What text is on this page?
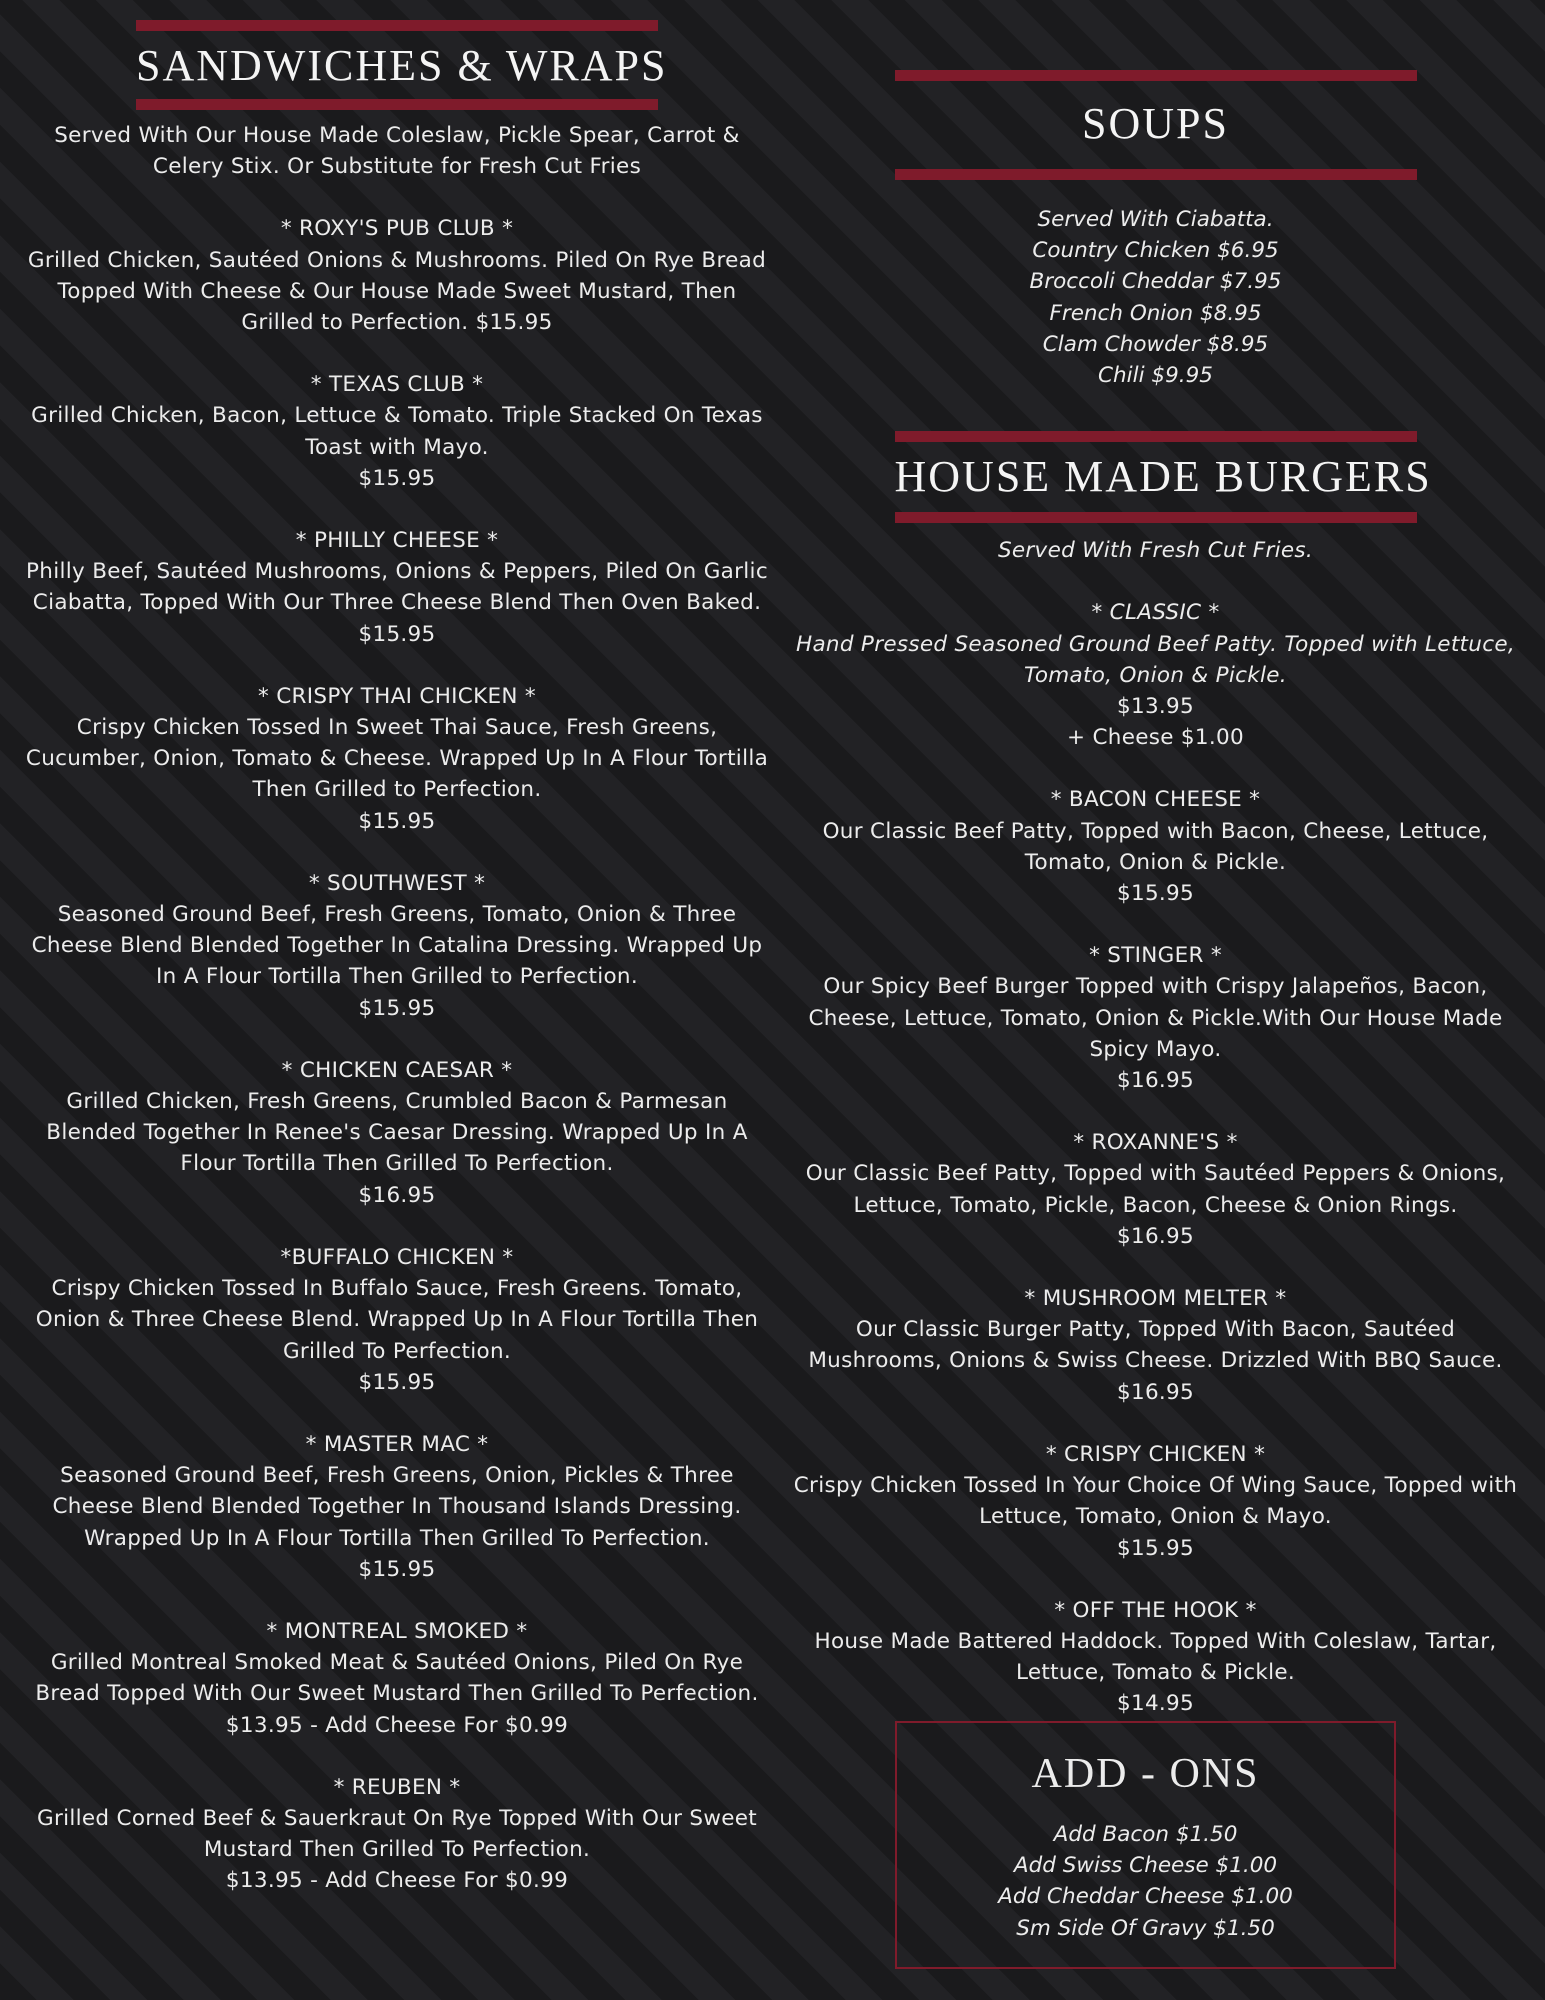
SANDWICHES & WRAPS
Served With Our House Made Coleslaw, Pickle Spear, Carrot & Celery Stix. Or Substitute for Fresh Cut Fries
* ROXY'S PUB CLUB *
Grilled Chicken, Sautéed Onions & Mushrooms. Piled On Rye Bread Topped With Cheese & Our House Made Sweet Mustard, Then Grilled to Perfection. $15.95
* TEXAS CLUB *
Grilled Chicken, Bacon, Lettuce & Tomato. Triple Stacked On Texas Toast with Mayo.
$15.95
* PHILLY CHEESE *
Philly Beef, Sautéed Mushrooms, Onions & Peppers, Piled On Garlic Ciabatta, Topped With Our Three Cheese Blend Then Oven Baked.
$15.95
* CRISPY THAI CHICKEN *
Crispy Chicken Tossed In Sweet Thai Sauce, Fresh Greens, Cucumber, Onion, Tomato & Cheese. Wrapped Up In A Flour Tortilla Then Grilled to Perfection.
$15.95
* SOUTHWEST *
Seasoned Ground Beef, Fresh Greens, Tomato, Onion & Three Cheese Blend Blended Together In Catalina Dressing. Wrapped Up In A Flour Tortilla Then Grilled to Perfection.
$15.95
* CHICKEN CAESAR *
Grilled Chicken, Fresh Greens, Crumbled Bacon & Parmesan Blended Together In Renee's Caesar Dressing. Wrapped Up In A Flour Tortilla Then Grilled To Perfection.
$16.95
*BUFFALO CHICKEN *
Crispy Chicken Tossed In Buffalo Sauce, Fresh Greens. Tomato, Onion & Three Cheese Blend. Wrapped Up In A Flour Tortilla Then Grilled To Perfection.
$15.95
* MASTER MAC *
Seasoned Ground Beef, Fresh Greens, Onion, Pickles & Three Cheese Blend Blended Together In Thousand Islands Dressing. Wrapped Up In A Flour Tortilla Then Grilled To Perfection.
$15.95
* MONTREAL SMOKED *
Grilled Montreal Smoked Meat & Sautéed Onions, Piled On Rye Bread Topped With Our Sweet Mustard Then Grilled To Perfection.
$13.95 - Add Cheese For $0.99
* REUBEN *
Grilled Corned Beef & Sauerkraut On Rye Topped With Our Sweet Mustard Then Grilled To Perfection.
$13.95 - Add Cheese For $0.99
SOUPS
Served With Ciabatta.
Country Chicken $6.95
Broccoli Cheddar $7.95
French Onion $8.95
Clam Chowder $8.95
Chili $9.95
HOUSE MADE BURGERS
Served With Fresh Cut Fries.
* CLASSIC *
Hand Pressed Seasoned Ground Beef Patty. Topped with Lettuce, Tomato, Onion & Pickle.
$13.95
+ Cheese $1.00
* BACON CHEESE *
Our Classic Beef Patty, Topped with Bacon, Cheese, Lettuce, Tomato, Onion & Pickle.
$15.95
* STINGER *
Our Spicy Beef Burger Topped with Crispy Jalapeños, Bacon, Cheese, Lettuce, Tomato, Onion & Pickle.With Our House Made Spicy Mayo.
$16.95
* ROXANNE'S *
Our Classic Beef Patty, Topped with Sautéed Peppers & Onions, Lettuce, Tomato, Pickle, Bacon, Cheese & Onion Rings.
$16.95
* MUSHROOM MELTER *
Our Classic Burger Patty, Topped With Bacon, Sautéed Mushrooms, Onions & Swiss Cheese. Drizzled With BBQ Sauce.
$16.95
* CRISPY CHICKEN *
Crispy Chicken Tossed In Your Choice Of Wing Sauce, Topped with Lettuce, Tomato, Onion & Mayo.
$15.95
* OFF THE HOOK *
House Made Battered Haddock. Topped With Coleslaw, Tartar, Lettuce, Tomato & Pickle.
$14.95
ADD - ONS
Add Bacon $1.50
Add Swiss Cheese $1.00
Add Cheddar Cheese $1.00
Sm Side Of Gravy $1.50
